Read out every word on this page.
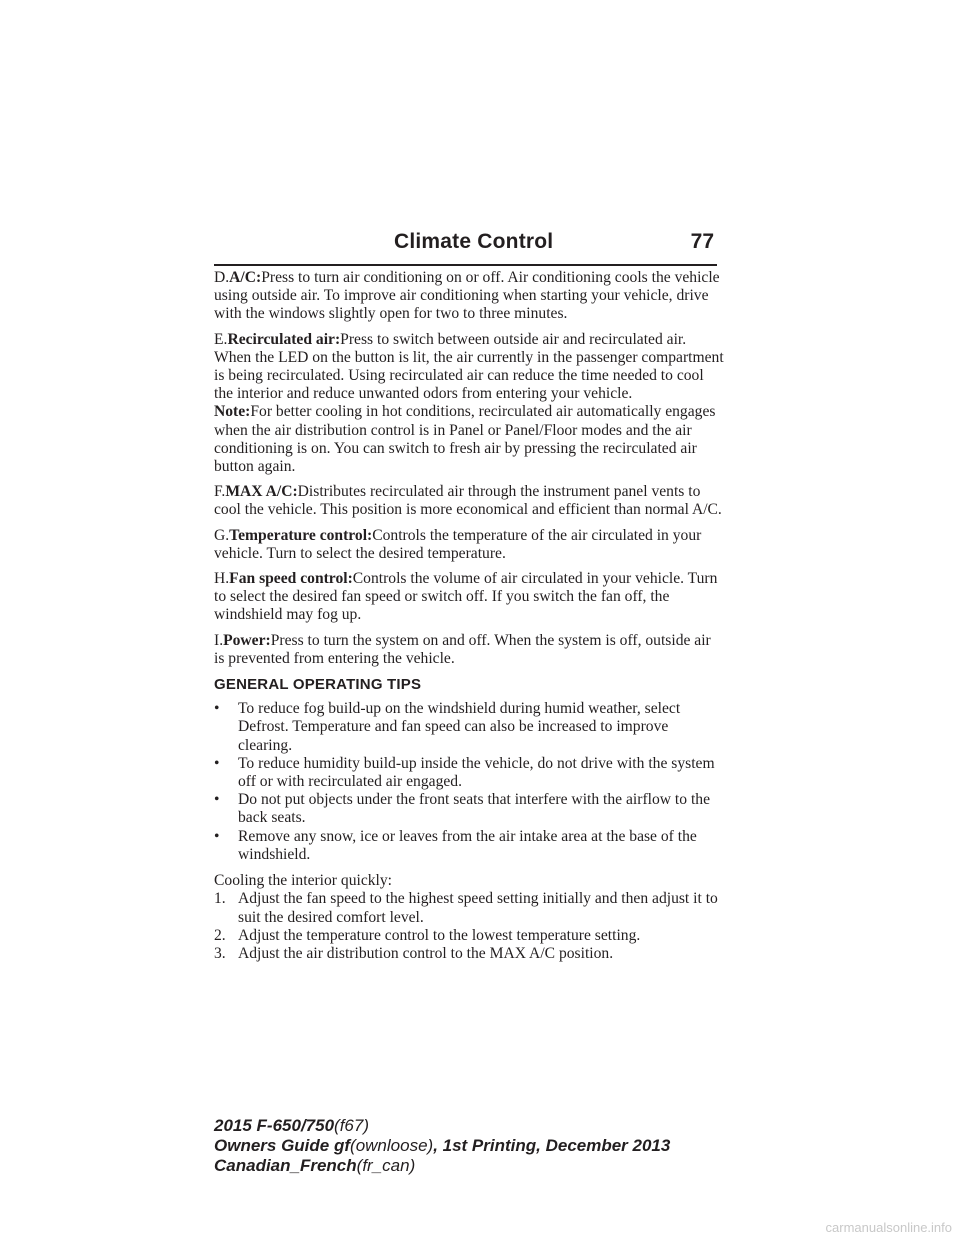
Climate Control	77

D.A/C:Press to turn air conditioning on or off. Air conditioning cools the vehicle using outside air. To improve air conditioning when starting your vehicle, drive with the windows slightly open for two to three minutes.

E.Recirculated air:Press to switch between outside air and recirculated air. When the LED on the button is lit, the air currently in the passenger compartment is being recirculated. Using recirculated air can reduce the time needed to cool the interior and reduce unwanted odors from entering your vehicle.

Note:For better cooling in hot conditions, recirculated air automatically engages when the air distribution control is in Panel or Panel/Floor modes and the air conditioning is on. You can switch to fresh air by pressing the recirculated air button again.

F.MAX A/C:Distributes recirculated air through the instrument panel vents to cool the vehicle. This position is more economical and efficient than normal A/C.

G.Temperature control:Controls the temperature of the air circulated in your vehicle. Turn to select the desired temperature.

H.Fan speed control:Controls the volume of air circulated in your vehicle. Turn to select the desired fan speed or switch off. If you switch the fan off, the windshield may fog up.

I.Power:Press to turn the system on and off. When the system is off, outside air is prevented from entering the vehicle.

GENERAL OPERATING TIPS
• To reduce fog build-up on the windshield during humid weather, select Defrost. Temperature and fan speed can also be increased to improve clearing.
• To reduce humidity build-up inside the vehicle, do not drive with the system off or with recirculated air engaged.
• Do not put objects under the front seats that interfere with the airflow to the back seats.
• Remove any snow, ice or leaves from the air intake area at the base of the windshield.

Cooling the interior quickly:

1. Adjust the fan speed to the highest speed setting initially and then adjust it to suit the desired comfort level.
2. Adjust the temperature control to the lowest temperature setting.
3. Adjust the air distribution control to the MAX A/C position.
2015 F-650/750(f67)
Owners Guide gf(ownloose), 1st Printing, December 2013
Canadian_French(fr_can)
carmanualsonline.info
